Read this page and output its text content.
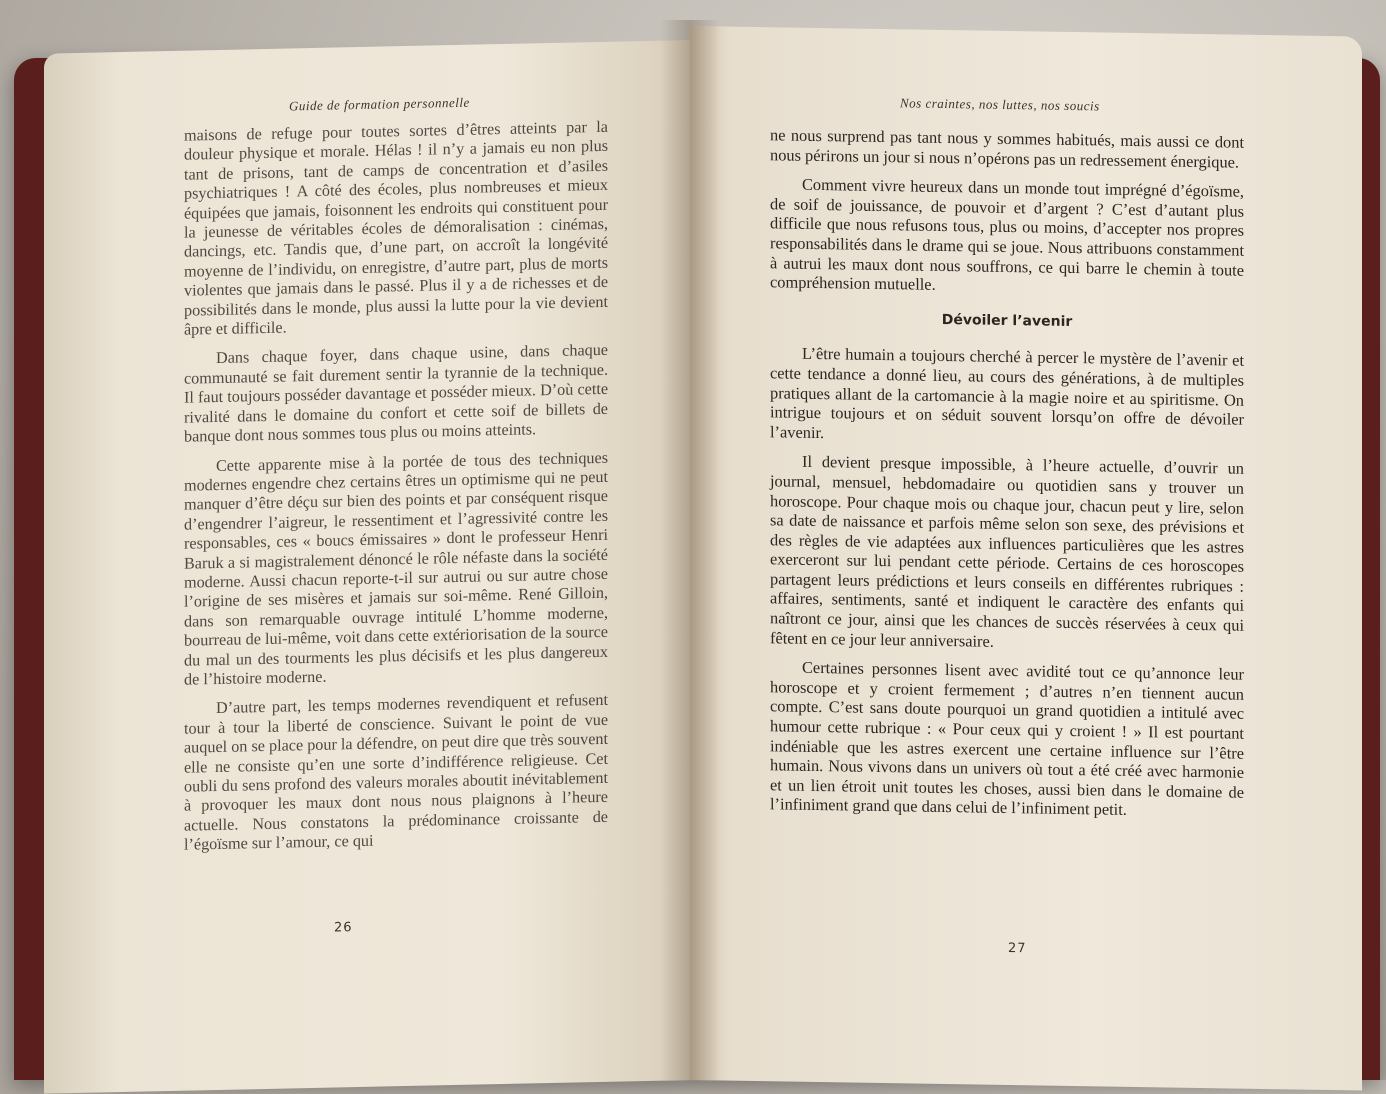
Guide de formation personnelle

maisons de refuge pour toutes sortes d’êtres atteints par la douleur physique et morale. Hélas ! il n’y a jamais eu non plus tant de prisons, tant de camps de concentration et d’asiles psychiatriques ! A côté des écoles, plus nombreuses et mieux équipées que jamais, foisonnent les endroits qui constituent pour la jeunesse de véritables écoles de démoralisation : cinémas, dancings, etc. Tandis que, d’une part, on accroît la longévité moyenne de l’individu, on enregistre, d’autre part, plus de morts violentes que jamais dans le passé. Plus il y a de richesses et de possibilités dans le monde, plus aussi la lutte pour la vie devient âpre et difficile.

Dans chaque foyer, dans chaque usine, dans chaque communauté se fait durement sentir la tyrannie de la technique. Il faut toujours posséder davantage et posséder mieux. D’où cette rivalité dans le domaine du confort et cette soif de billets de banque dont nous sommes tous plus ou moins atteints.

Cette apparente mise à la portée de tous des techniques modernes engendre chez certains êtres un optimisme qui ne peut manquer d’être déçu sur bien des points et par conséquent risque d’engendrer l’aigreur, le ressentiment et l’agressivité contre les responsables, ces « boucs émissaires » dont le professeur Henri Baruk a si magistralement dénoncé le rôle néfaste dans la société moderne. Aussi chacun reporte-t-il sur autrui ou sur autre chose l’origine de ses misères et jamais sur soi-même. René Gilloin, dans son remarquable ouvrage intitulé L’homme moderne, bourreau de lui-même, voit dans cette extériorisation de la source du mal un des tourments les plus décisifs et les plus dangereux de l’histoire moderne.

D’autre part, les temps modernes revendiquent et refusent tour à tour la liberté de conscience. Suivant le point de vue auquel on se place pour la défendre, on peut dire que très souvent elle ne consiste qu’en une sorte d’indifférence religieuse. Cet oubli du sens profond des valeurs morales aboutit inévitablement à provoquer les maux dont nous nous plaignons à l’heure actuelle. Nous constatons la prédominance croissante de l’égoïsme sur l’amour, ce qui

26
Nos craintes, nos luttes, nos soucis

ne nous surprend pas tant nous y sommes habitués, mais aussi ce dont nous périrons un jour si nous n’opérons pas un redressement énergique.

Comment vivre heureux dans un monde tout imprégné d’égoïsme, de soif de jouissance, de pouvoir et d’argent ? C’est d’autant plus difficile que nous refusons tous, plus ou moins, d’accepter nos propres responsabilités dans le drame qui se joue. Nous attribuons constamment à autrui les maux dont nous souffrons, ce qui barre le chemin à toute compréhension mutuelle.

Dévoiler l’avenir

L’être humain a toujours cherché à percer le mystère de l’avenir et cette tendance a donné lieu, au cours des générations, à de multiples pratiques allant de la cartomancie à la magie noire et au spiritisme. On intrigue toujours et on séduit souvent lorsqu’on offre de dévoiler l’avenir.

Il devient presque impossible, à l’heure actuelle, d’ouvrir un journal, mensuel, hebdomadaire ou quotidien sans y trouver un horoscope. Pour chaque mois ou chaque jour, chacun peut y lire, selon sa date de naissance et parfois même selon son sexe, des prévisions et des règles de vie adaptées aux influences particulières que les astres exerceront sur lui pendant cette période. Certains de ces horoscopes partagent leurs prédictions et leurs conseils en différentes rubriques : affaires, sentiments, santé et indiquent le caractère des enfants qui naîtront ce jour, ainsi que les chances de succès réservées à ceux qui fêtent en ce jour leur anniversaire.

Certaines personnes lisent avec avidité tout ce qu’annonce leur horoscope et y croient fermement ; d’autres n’en tiennent aucun compte. C’est sans doute pourquoi un grand quotidien a intitulé avec humour cette rubrique : « Pour ceux qui y croient ! » Il est pourtant indéniable que les astres exercent une certaine influence sur l’être humain. Nous vivons dans un univers où tout a été créé avec harmonie et un lien étroit unit toutes les choses, aussi bien dans le domaine de l’infiniment grand que dans celui de l’infiniment petit.

27
